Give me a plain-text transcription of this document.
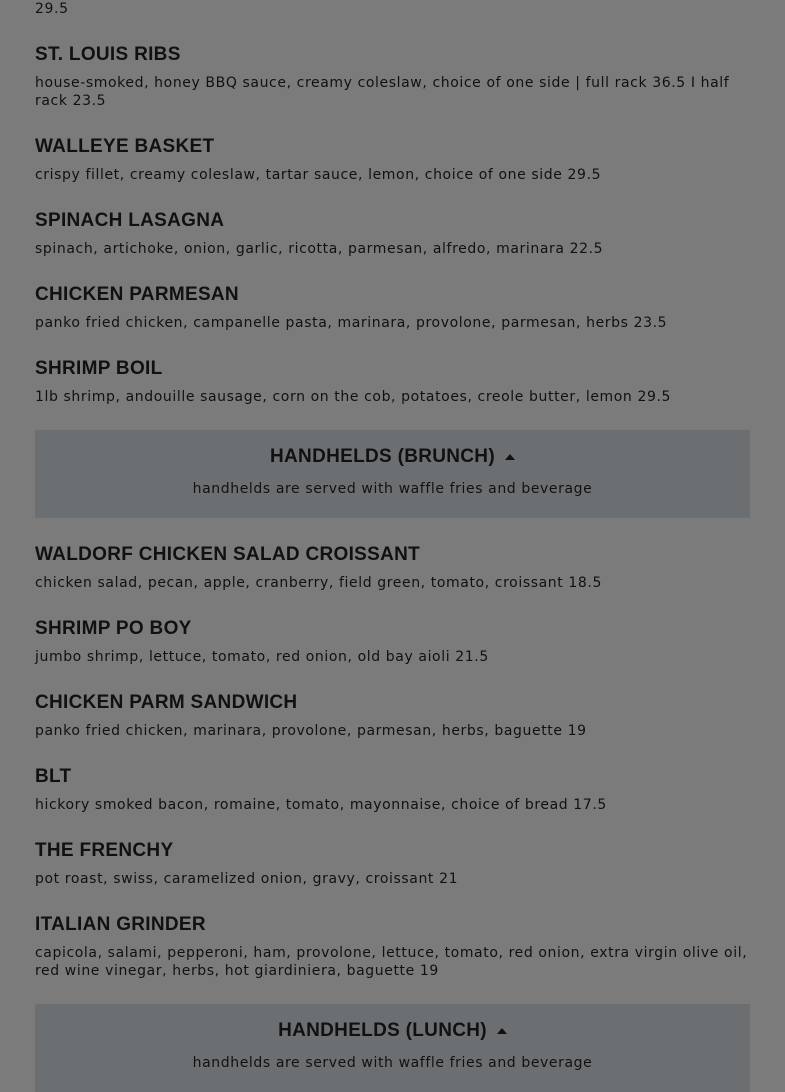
29.5

ST. LOUIS RIBS

house-smoked, honey BBQ sauce, creamy coleslaw, choice of one side | full rack 36.5 I half rack 23.5

WALLEYE BASKET

crispy fillet, creamy coleslaw, tartar sauce, lemon, choice of one side 29.5

SPINACH LASAGNA

spinach, artichoke, onion, garlic, ricotta, parmesan, alfredo, marinara 22.5

CHICKEN PARMESAN

panko fried chicken, campanelle pasta, marinara, provolone, parmesan, herbs 23.5

SHRIMP BOIL

1lb shrimp, andouille sausage, corn on the cob, potatoes, creole butter, lemon 29.5

HANDHELDS (BRUNCH)

handhelds are served with waffle fries and beverage

WALDORF CHICKEN SALAD CROISSANT

chicken salad, pecan, apple, cranberry, field green, tomato, croissant 18.5

SHRIMP PO BOY

jumbo shrimp, lettuce, tomato, red onion, old bay aioli 21.5

CHICKEN PARM SANDWICH

panko fried chicken, marinara, provolone, parmesan, herbs, baguette 19

BLT

hickory smoked bacon, romaine, tomato, mayonnaise, choice of bread 17.5

THE FRENCHY

pot roast, swiss, caramelized onion, gravy, croissant 21

ITALIAN GRINDER

capicola, salami, pepperoni, ham, provolone, lettuce, tomato, red onion, extra virgin olive oil, red wine vinegar, herbs, hot giardiniera, baguette 19

HANDHELDS (LUNCH)

handhelds are served with waffle fries and beverage
